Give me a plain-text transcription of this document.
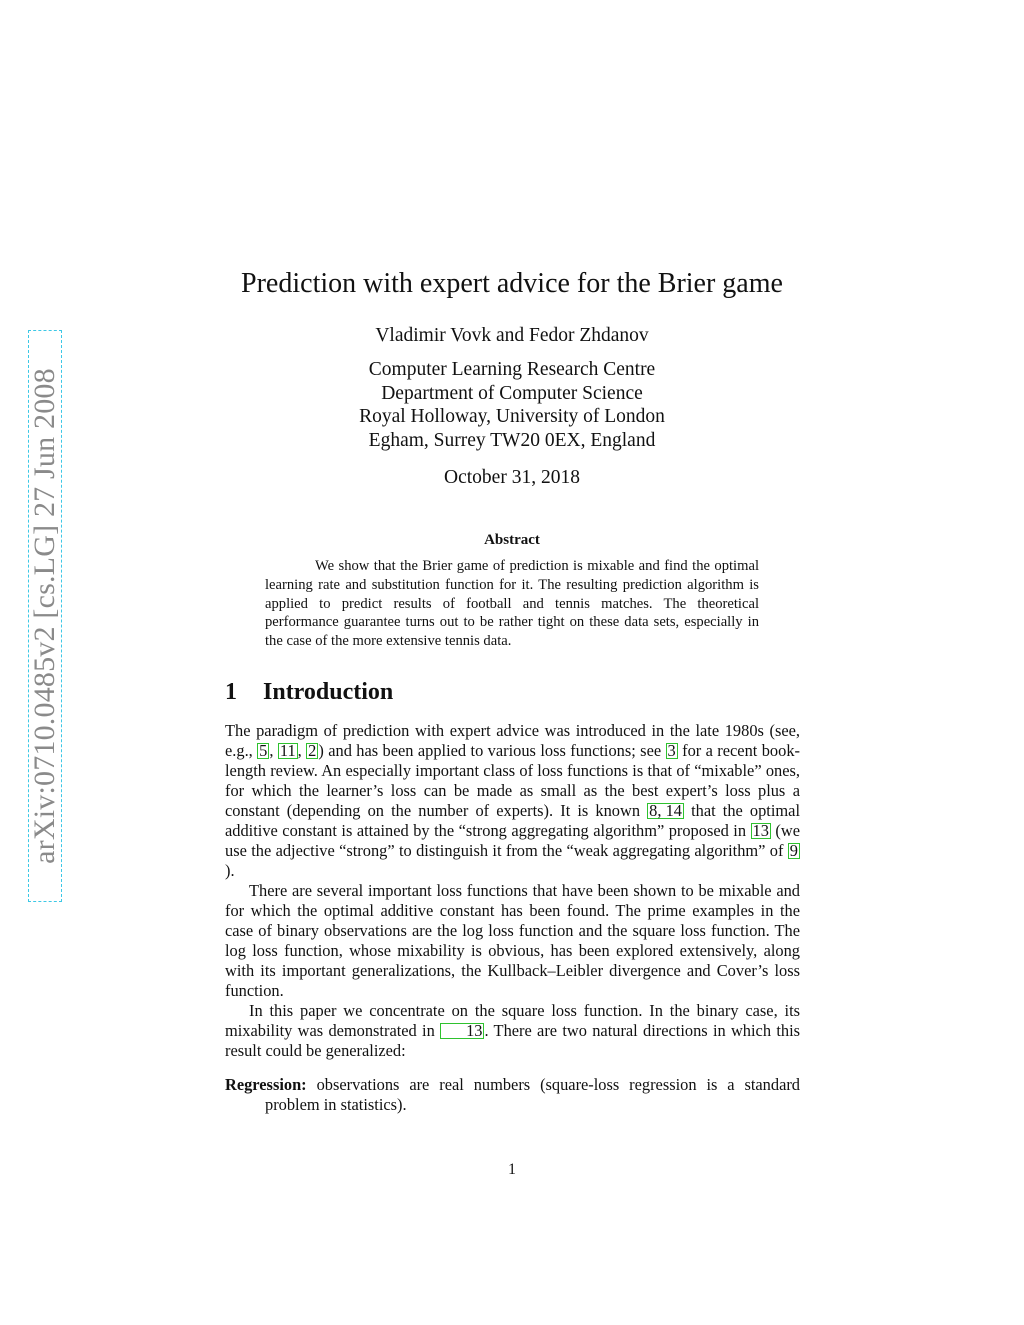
arXiv:0710.0485v2 [cs.LG] 27 Jun 2008
Prediction with expert advice for the Brier game
Vladimir Vovk and Fedor Zhdanov
Computer Learning Research Centre
Department of Computer Science
Royal Holloway, University of London
Egham, Surrey TW20 0EX, England
October 31, 2018
Abstract
We show that the Brier game of prediction is mixable and find the optimal learning rate and substitution function for it. The resulting prediction algorithm is applied to predict results of football and tennis matches. The theoretical performance guarantee turns out to be rather tight on these data sets, especially in the case of the more extensive tennis data.
1 Introduction

The paradigm of prediction with expert advice was introduced in the late 1980s (see, e.g., 5 , 11 , 2 ) and has been applied to various loss functions; see 3 for a recent book-length review. An especially important class of loss functions is that of “mixable” ones, for which the learner’s loss can be made as small as the best expert’s loss plus a constant (depending on the number of experts). It is known 8, 14 that the optimal additive constant is attained by the “strong aggregating algorithm” proposed in 13 (we use the adjective “strong” to distinguish it from the “weak aggregating algorithm” of 9).

There are several important loss functions that have been shown to be mixable and for which the optimal additive constant has been found. The prime examples in the case of binary observations are the log loss function and the square loss function. The log loss function, whose mixability is obvious, has been explored extensively, along with its important generalizations, the Kullback–Leibler divergence and Cover’s loss function.

In this paper we concentrate on the square loss function. In the binary case, its mixability was demonstrated in 13 . There are two natural directions in which this result could be generalized:

Regression: observations are real numbers (square-loss regression is a standard problem in statistics).
1
